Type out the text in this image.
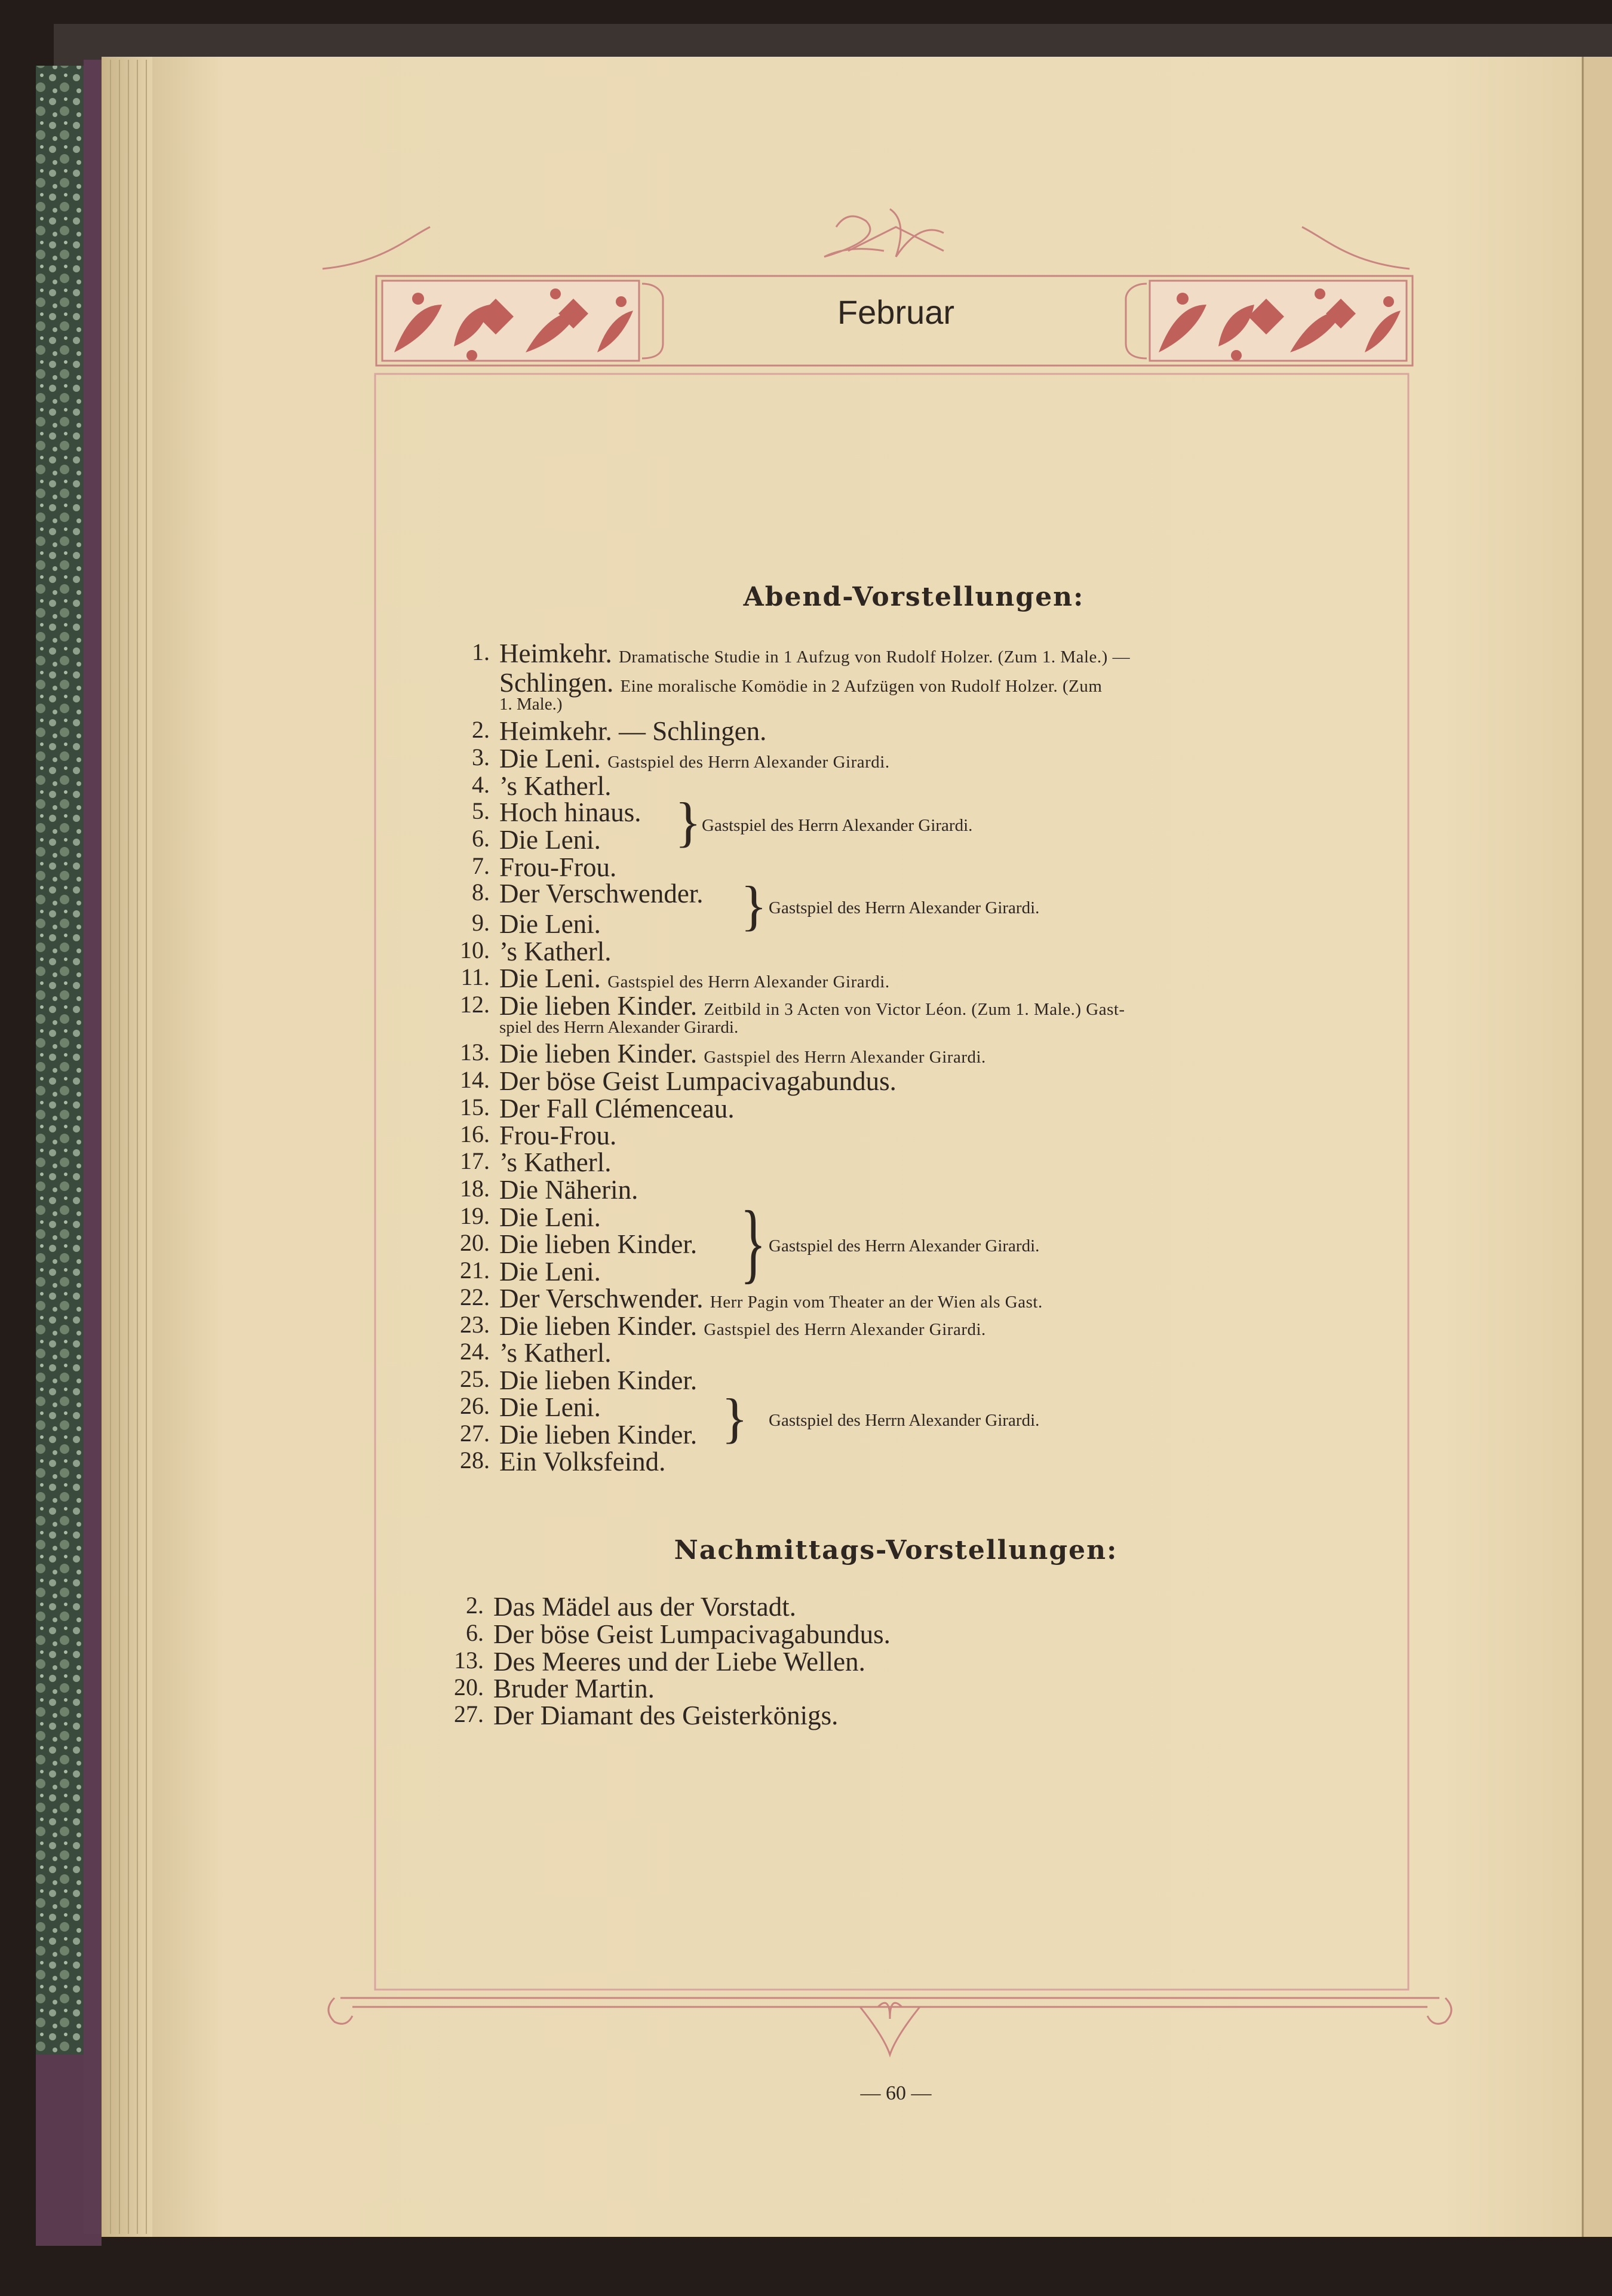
Februar
Abend-Vorstellungen:
1. Heimkehr. Dramatische Studie in 1 Aufzug von Rudolf Holzer. (Zum 1. Male.) —
Schlingen. Eine moralische Komödie in 2 Aufzügen von Rudolf Holzer. (Zum
1. Male.)
2. Heimkehr. — Schlingen.
3. Die Leni. Gastspiel des Herrn Alexander Girardi.
4. ’s Katherl.
5. Hoch hinaus.
6. Die Leni. } Gastspiel des Herrn Alexander Girardi.
7. Frou-Frou.
8. Der Verschwender.
9. Die Leni.	} Gastspiel des Herrn Alexander Girardi.
10. ’s Katherl.
11. Die Leni. Gastspiel des Herrn Alexander Girardi.
12. Die lieben Kinder. Zeitbild in 3 Acten von Victor Léon. (Zum 1. Male.) Gast-
spiel des Herrn Alexander Girardi.
13. Die lieben Kinder. Gastspiel des Herrn Alexander Girardi.
14. Der böse Geist Lumpacivagabundus.
15. Der Fall Clémenceau.
16. Frou-Frou.
17. ’s Katherl.
18. Die Näherin.
19. Die Leni.
20. Die lieben Kinder.
21. Die Leni. } Gastspiel des Herrn Alexander Girardi.
22. Der Verschwender. Herr Pagin vom Theater an der Wien als Gast.
23. Die lieben Kinder. Gastspiel des Herrn Alexander Girardi.
24. ’s Katherl.
25. Die lieben Kinder.
26. Die Leni.
27. Die lieben Kinder. } Gastspiel des Herrn Alexander Girardi.
28. Ein Volksfeind.
Nachmittags-Vorstellungen:
2. Das Mädel aus der Vorstadt.
6. Der böse Geist Lumpacivagabundus.
13. Des Meeres und der Liebe Wellen.
20. Bruder Martin.
27. Der Diamant des Geisterkönigs.
— 60 —
